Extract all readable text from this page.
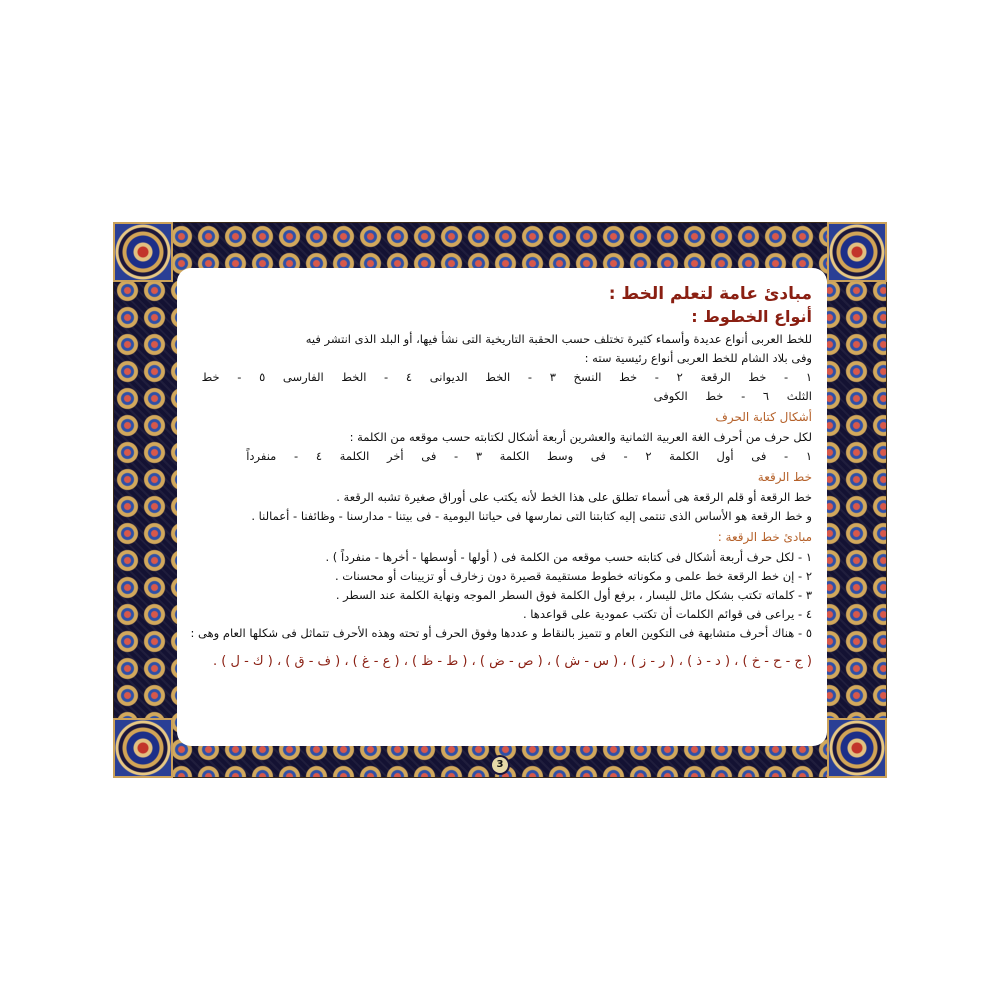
مبادئ عامة لتعلم الخط :
أنواع الخطوط :

للخط العربى أنواع عديدة وأسماء كثيرة تختلف حسب الحقبة التاريخية التى نشأ فيها، أو البلد الذى انتشر فيه

وفى بلاد الشام للخط العربى أنواع رئيسية سته :

١ - خط الرقعة ٢ - خط النسخ ٣ - الخط الديوانى ٤ - الخط الفارسى ٥ - خط الثلث ٦ - خط الكوفى

أشكال كتابة الحرف

لكل حرف من أحرف الغة العربية الثمانية والعشرين أربعة أشكال لكتابته حسب موقعه من الكلمة :

١ - فى أول الكلمة ٢ - فى وسط الكلمة ٣ - فى أخر الكلمة ٤ - منفرداً

خط الرقعة

خط الرقعة أو قلم الرقعة هى أسماء تطلق على هذا الخط لأنه يكتب على أوراق صغيرة تشبه الرقعة .

و خط الرقعة هو الأساس الذى تنتمى إليه كتابتنا التى نمارسها فى حياتنا اليومية - فى بيتنا - مدارسنا - وظائفنا - أعمالنا .

مبادئ خط الرقعة :

١ - لكل حرف أربعة أشكال فى كتابته حسب موقعه من الكلمة فى ( أولها - أوسطها - أخرها - منفرداً ) .

٢ - إن خط الرقعة خط علمى و مكوناته خطوط مستقيمة قصيرة دون زخارف أو تزيينات أو محسنات .

٣ - كلماته تكتب بشكل مائل لليسار ، برفع أول الكلمة فوق السطر الموجه ونهاية الكلمة عند السطر .

٤ - يراعى فى قوائم الكلمات أن تكتب عمودية على قواعدها .

٥ - هناك أحرف متشابهة فى التكوين العام و تتميز بالنقاط و عددها وفوق الحرف أو تحته وهذه الأحرف تتماثل فى شكلها العام وهى :

( ج - ح - خ ) ، ( د - ذ ) ، ( ر - ز ) ، ( س - ش ) ، ( ص - ض ) ، ( ط - ظ ) ، ( ع - غ ) ، ( ف - ق ) ، ( ك - ل ) .
3
